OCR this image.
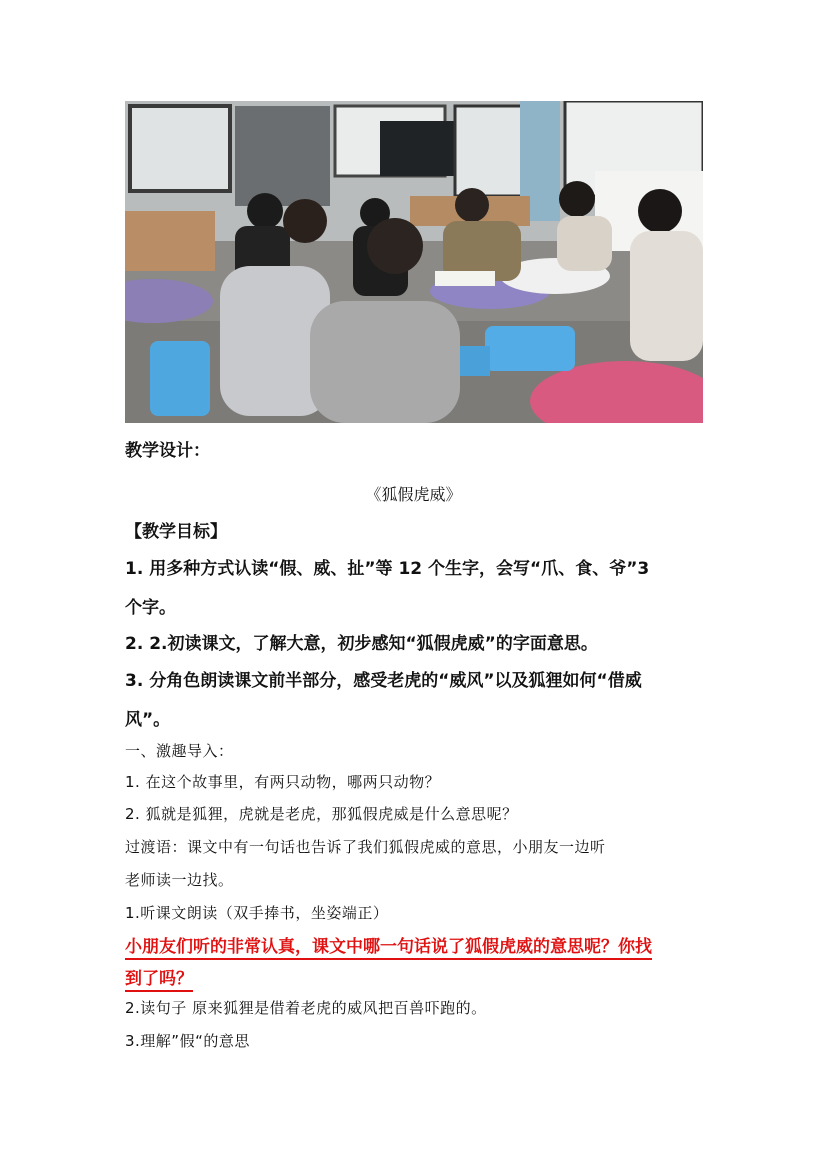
教学设计：
《狐假虎威》
【教学目标】
1. 用多种方式认读“假、威、扯”等 12 个生字，会写“爪、食、爷”3
个字。
2. 2.初读课文，了解大意，初步感知“狐假虎威”的字面意思。
3. 分角色朗读课文前半部分，感受老虎的“威风”以及狐狸如何“借威
风”。
一、激趣导入：
1. 在这个故事里，有两只动物，哪两只动物？
2. 狐就是狐狸，虎就是老虎，那狐假虎威是什么意思呢？
过渡语：课文中有一句话也告诉了我们狐假虎威的意思，小朋友一边听
老师读一边找。
1.听课文朗读（双手捧书，坐姿端正）
小朋友们听的非常认真，课文中哪一句话说了狐假虎威的意思呢？你找
到了吗？
2.读句子 原来狐狸是借着老虎的威风把百兽吓跑的。
3.理解”假“的意思
